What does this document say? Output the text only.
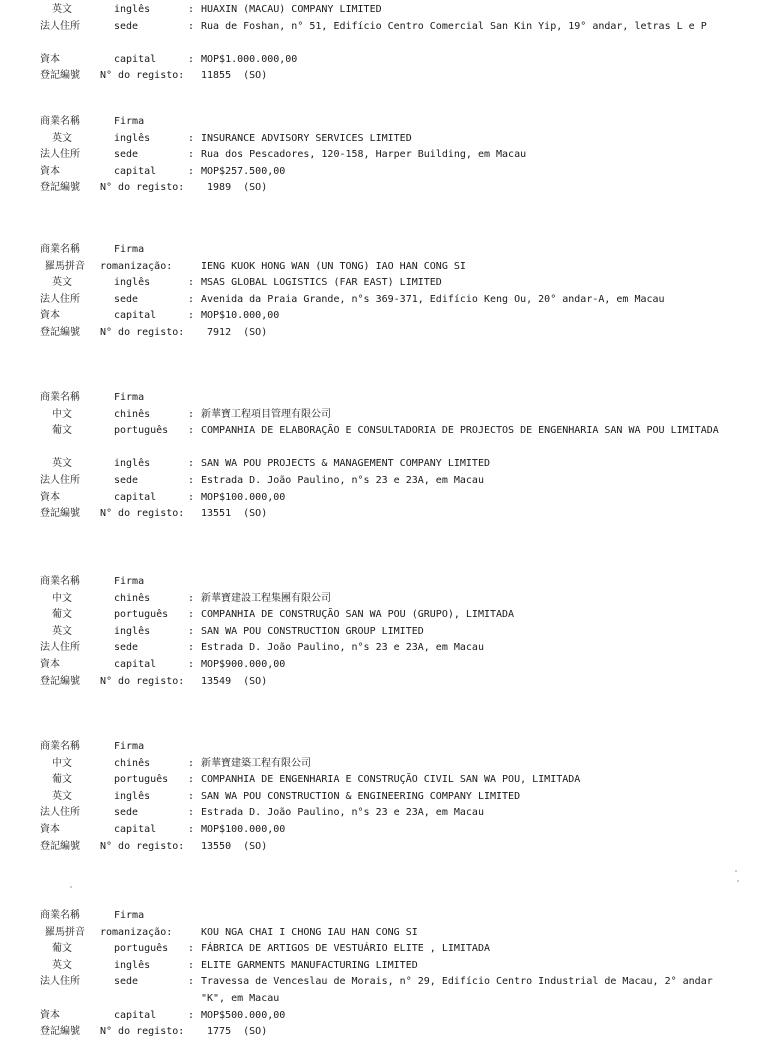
英文	inglês	: HUAXIN (MACAU) COMPANY LIMITED
法人住所	sede	: Rua de Foshan, n° 51, Edifício Centro Comercial San Kin Yip, 19° andar, letras L e P
資本	capital	: MOP$1.000.000,00
登記編號	N° do registo: 11855  (SO)
商業名稱	Firma
英文	inglês	: INSURANCE ADVISORY SERVICES LIMITED
法人住所	sede	: Rua dos Pescadores, 120-158, Harper Building, em Macau
資本	capital	: MOP$257.500,00
登記編號	N° do registo: 1989  (SO)
商業名稱	Firma
羅馬拼音	romanização:	IENG KUOK HONG WAN (UN TONG) IAO HAN CONG SI
英文	inglês	: MSAS GLOBAL LOGISTICS (FAR EAST) LIMITED
法人住所	sede	: Avenida da Praia Grande, n°s 369-371, Edifício Keng Ou, 20° andar-A, em Macau
資本	capital	: MOP$10.000,00
登記編號	N° do registo: 7912  (SO)
商業名稱	Firma
中文	chinês	: 新華寶工程項目管理有限公司
葡文	português : COMPANHIA DE ELABORAÇÃO E CONSULTADORIA DE PROJECTOS DE ENGENHARIA SAN WA POU LIMITADA
英文	inglês	: SAN WA POU PROJECTS & MANAGEMENT COMPANY LIMITED
法人住所	sede	: Estrada D. João Paulino, n°s 23 e 23A, em Macau
資本	capital	: MOP$100.000,00
登記編號	N° do registo: 13551  (SO)
商業名稱	Firma
中文	chinês	: 新華寶建設工程集團有限公司
葡文	português : COMPANHIA DE CONSTRUÇÃO SAN WA POU (GRUPO), LIMITADA
英文	inglês	: SAN WA POU CONSTRUCTION GROUP LIMITED
法人住所	sede	: Estrada D. João Paulino, n°s 23 e 23A, em Macau
資本	capital	: MOP$900.000,00
登記編號	N° do registo: 13549  (SO)
商業名稱	Firma
中文	chinês	: 新華寶建築工程有限公司
葡文	português : COMPANHIA DE ENGENHARIA E CONSTRUÇÃO CIVIL SAN WA POU, LIMITADA
英文	inglês	: SAN WA POU CONSTRUCTION & ENGINEERING COMPANY LIMITED
法人住所	sede	: Estrada D. João Paulino, n°s 23 e 23A, em Macau
資本	capital	: MOP$100.000,00
登記編號	N° do registo: 13550  (SO)
商業名稱	Firma
羅馬拼音	romanização:	KOU NGA CHAI I CHONG IAU HAN CONG SI
葡文	português : FÁBRICA DE ARTIGOS DE VESTUÁRIO ELITE , LIMITADA
英文	inglês	: ELITE GARMENTS MANUFACTURING LIMITED
法人住所	sede	: Travessa de Venceslau de Morais, n° 29, Edifício Centro Industrial de Macau, 2° andar "K", em Macau
資本	capital	: MOP$500.000,00
登記編號	N° do registo: 1775  (SO)
